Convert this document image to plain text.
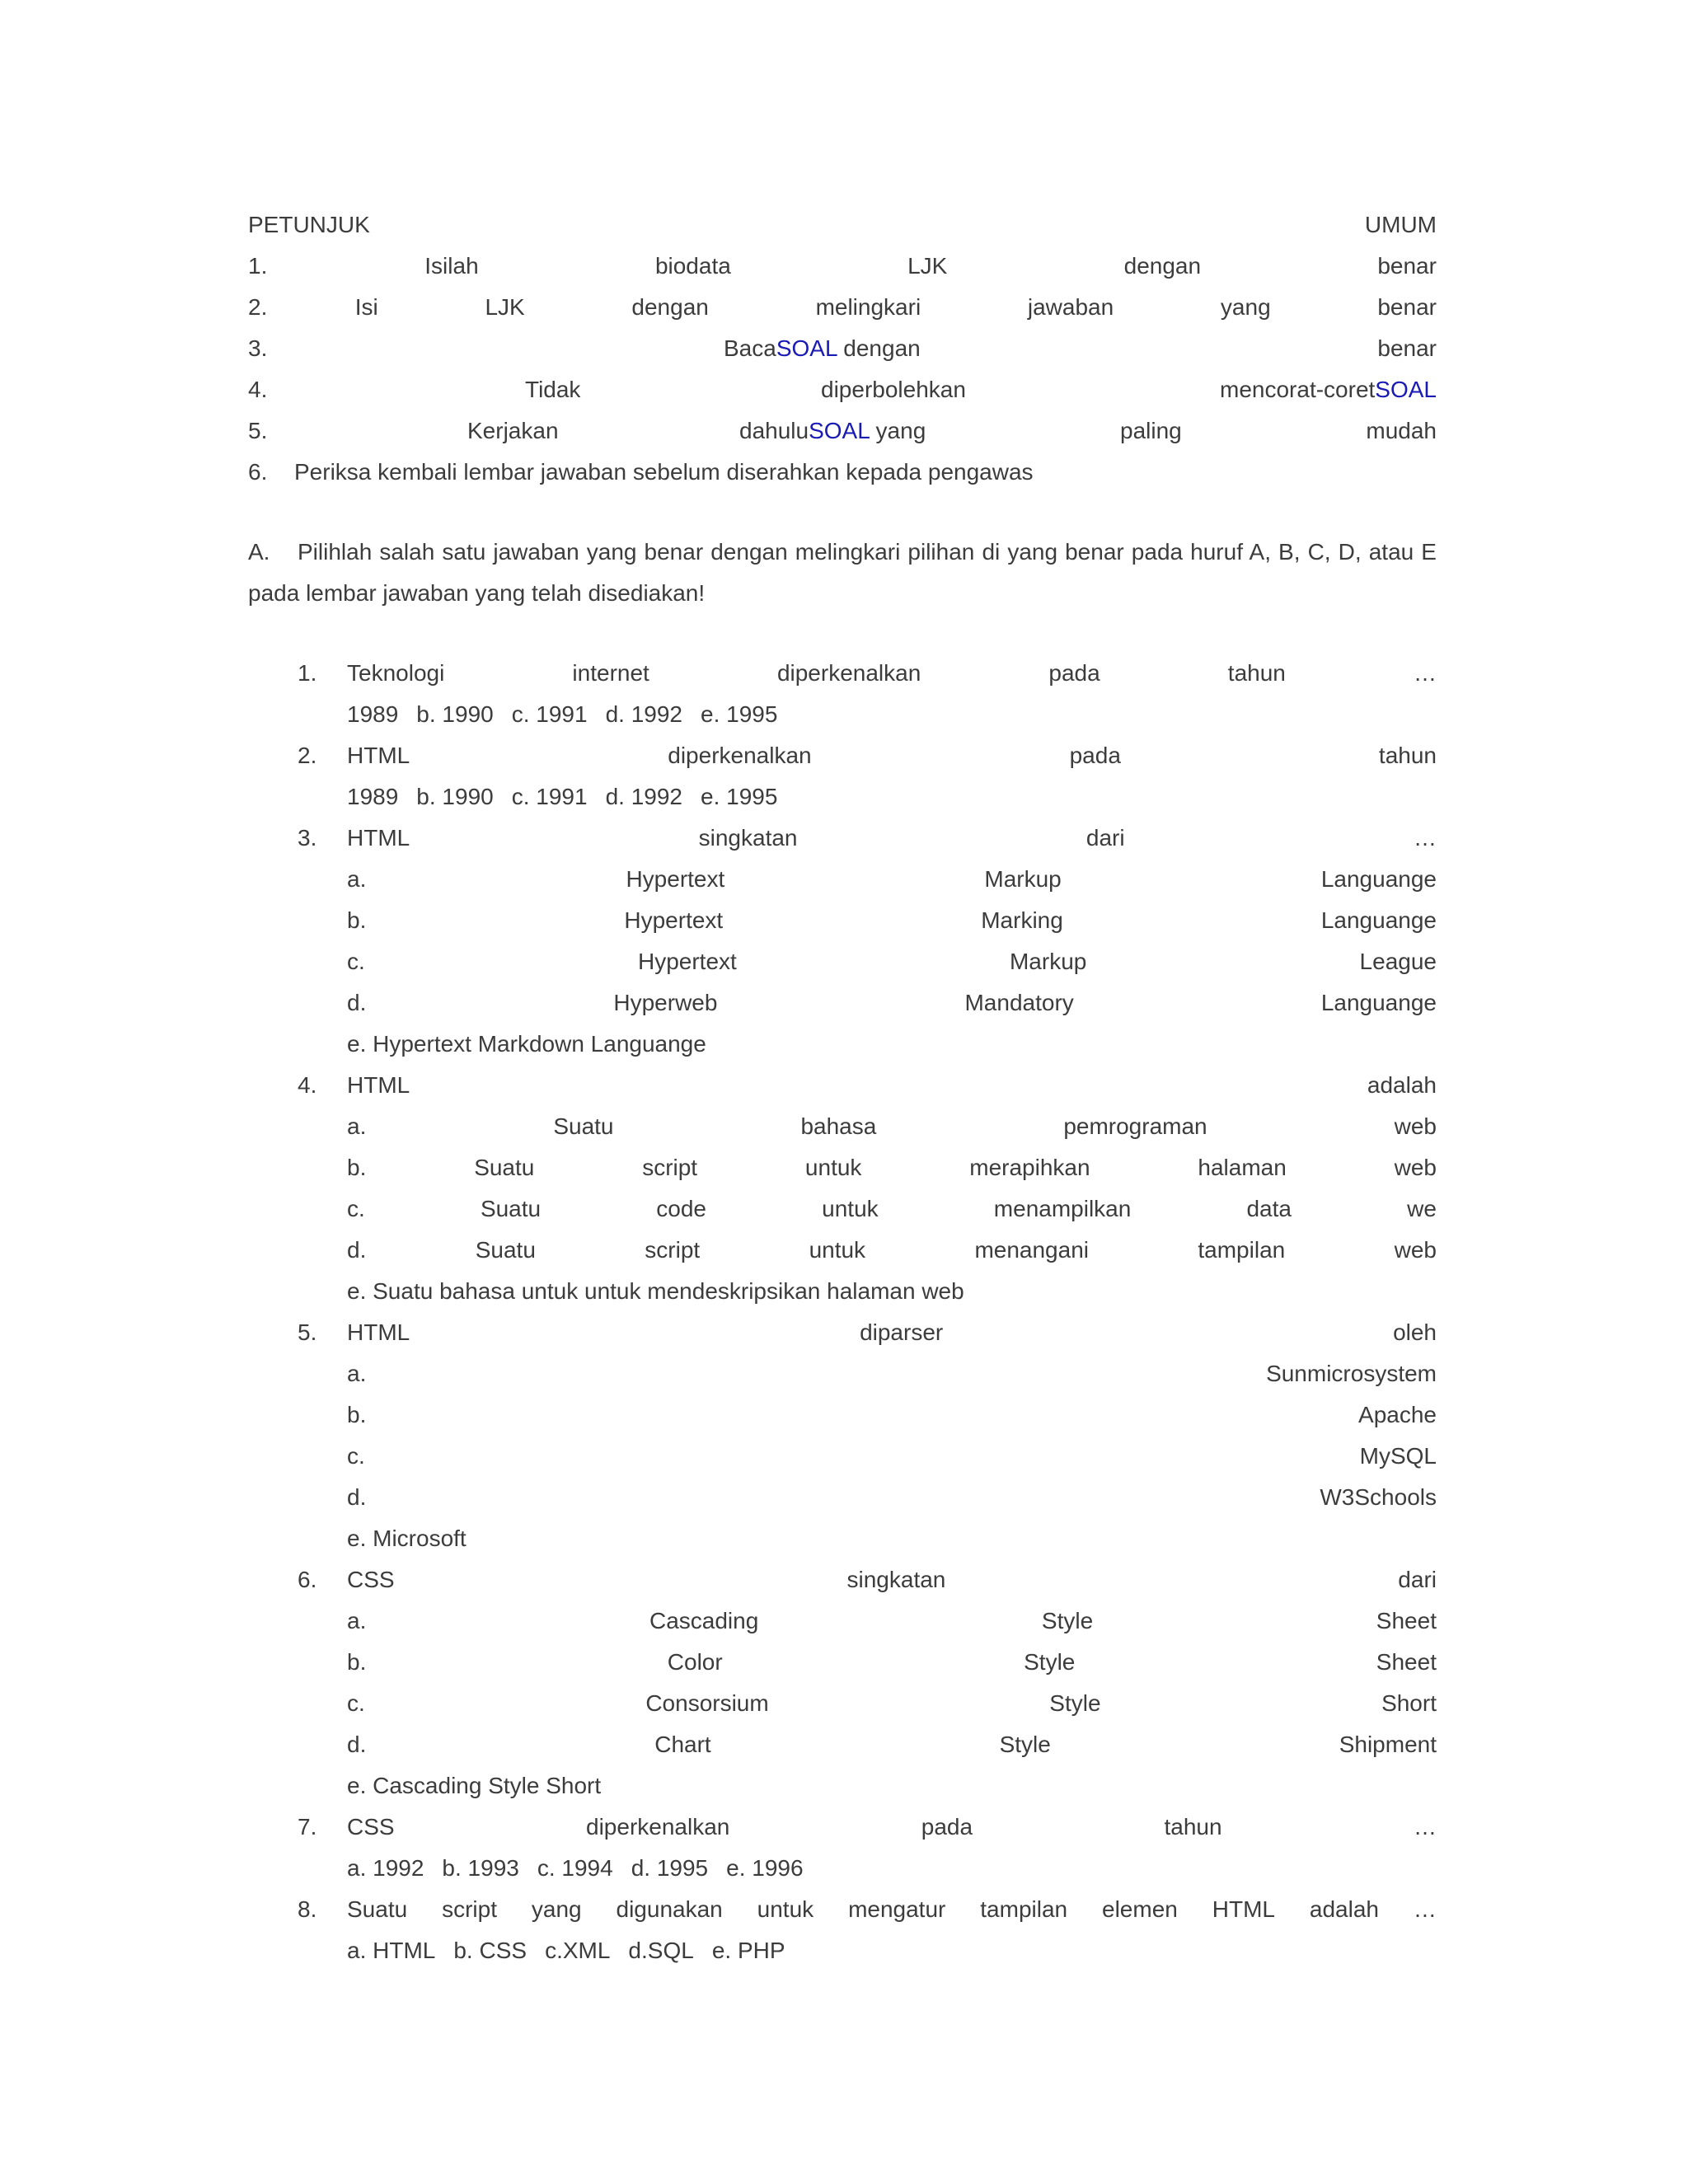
PETUNJUK	UMUM
1.	Isilah	biodata	LJK	dengan	benar
2.	Isi	LJK	dengan	melingkari	jawaban	yang	benar
3.	BacaSOAL dengan	benar
4.	Tidak	diperbolehkan	mencorat-coretSOAL
5.	Kerjakan	dahuluSOAL yang	paling	mudah
6. Periksa kembali lembar jawaban sebelum diserahkan kepada pengawas
A. Pilihlah salah satu jawaban yang benar dengan melingkari pilihan di yang benar pada huruf A, B, C, D, atau E pada lembar jawaban yang telah disediakan!
1. Teknologi	internet	diperkenalkan	pada	tahun	…
1989 b. 1990 c. 1991 d. 1992 e. 1995
2. HTML	diperkenalkan	pada	tahun
1989 b. 1990 c. 1991 d. 1992 e. 1995
3. HTML	singkatan	dari	…
a.	Hypertext	Markup	Languange
b.	Hypertext	Marking	Languange
c.	Hypertext	Markup	League
d.	Hyperweb	Mandatory	Languange
e. Hypertext Markdown Languange
4. HTML	adalah
a.	Suatu	bahasa	pemrograman	web
b.	Suatu	script	untuk	merapihkan	halaman	web
c.	Suatu	code	untuk	menampilkan	data	we
d.	Suatu	script	untuk	menangani	tampilan	web
e. Suatu bahasa untuk untuk mendeskripsikan halaman web
5. HTML	diparser	oleh
a.	Sunmicrosystem
b.	Apache
c.	MySQL
d.	W3Schools
e. Microsoft
6. CSS	singkatan	dari
a.	Cascading	Style	Sheet
b.	Color	Style	Sheet
c.	Consorsium	Style	Short
d.	Chart	Style	Shipment
e. Cascading Style Short
7. CSS	diperkenalkan	pada	tahun	…
a. 1992 b. 1993 c. 1994 d. 1995 e. 1996
8. Suatu script yang digunakan untuk mengatur tampilan elemen HTML adalah …
a. HTML b. CSS c.XML d.SQL e. PHP
